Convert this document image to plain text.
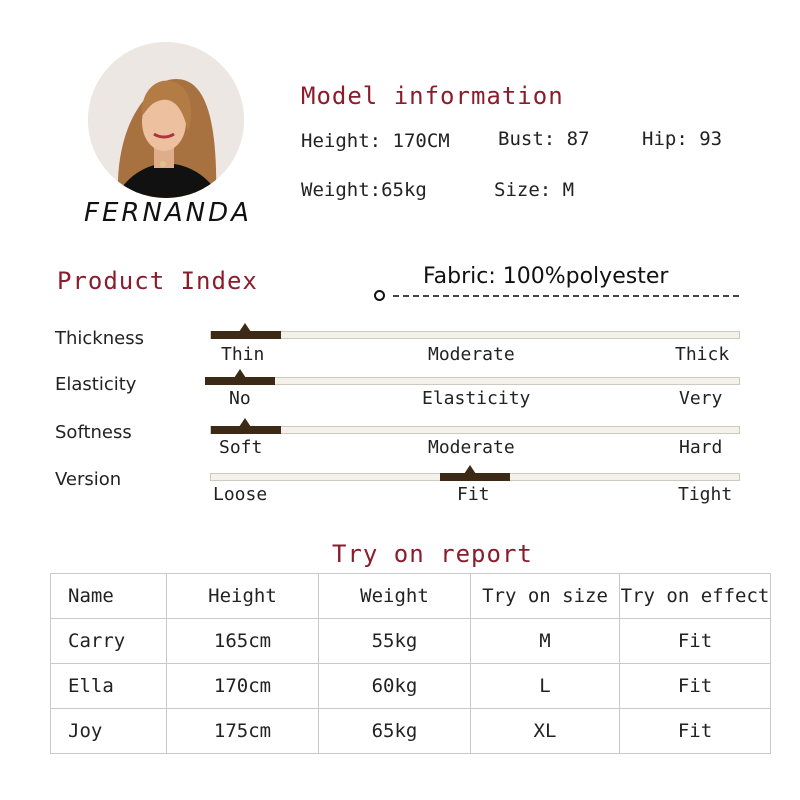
FERNANDA
Model information
Height: 170CM	Bust: 87	Hip: 93
Weight:65kg	Size: M
Product Index	Fabric: 100%polyester
Thickness
Thin	Moderate	Thick
Elasticity
No	Elasticity	Very
Softness
Soft	Moderate	Hard
Version
Loose	Fit	Tight
Try on report
Name	Height	Weight	Try on size	Try on effect
Carry	165cm	55kg	M	Fit
Ella	170cm	60kg	L	Fit
Joy	175cm	65kg	XL	Fit
